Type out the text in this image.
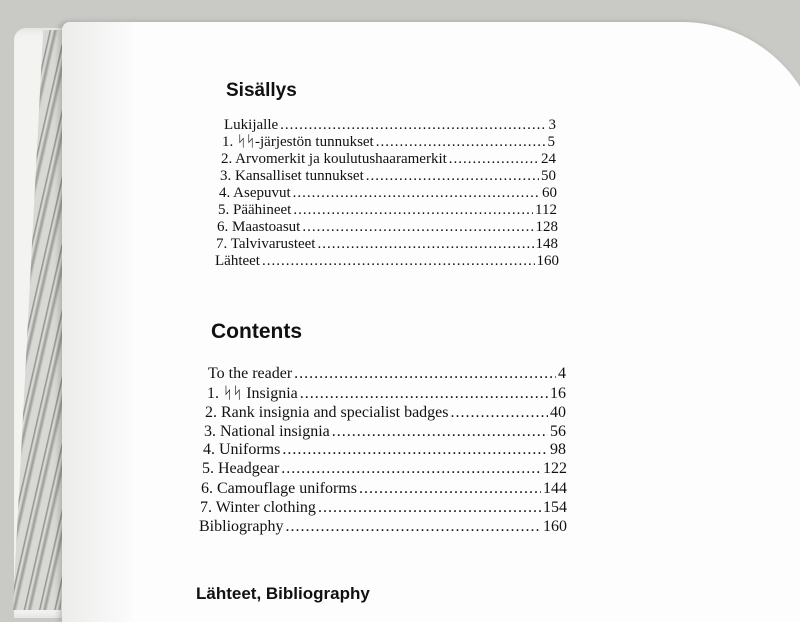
Sisällys
Lukijalle .....	3
1. ᛋᛋ-järjestön tunnukset .....	5
2. Arvomerkit ja koulutushaaramerkit .....	24
3. Kansalliset tunnukset .....	50
4. Asepuvut .....	60
5. Päähineet .....	112
6. Maastoasut .....	128
7. Talvivarusteet .....	148
Lähteet .....	160
Contents
To the reader .....	4
1. ᛋᛋ Insignia .....	16
2. Rank insignia and specialist badges .....	40
3. National insignia .....	56
4. Uniforms .....	98
5. Headgear .....	122
6. Camouflage uniforms .....	144
7. Winter clothing .....	154
Bibliography .....	160
Lähteet, Bibliography
